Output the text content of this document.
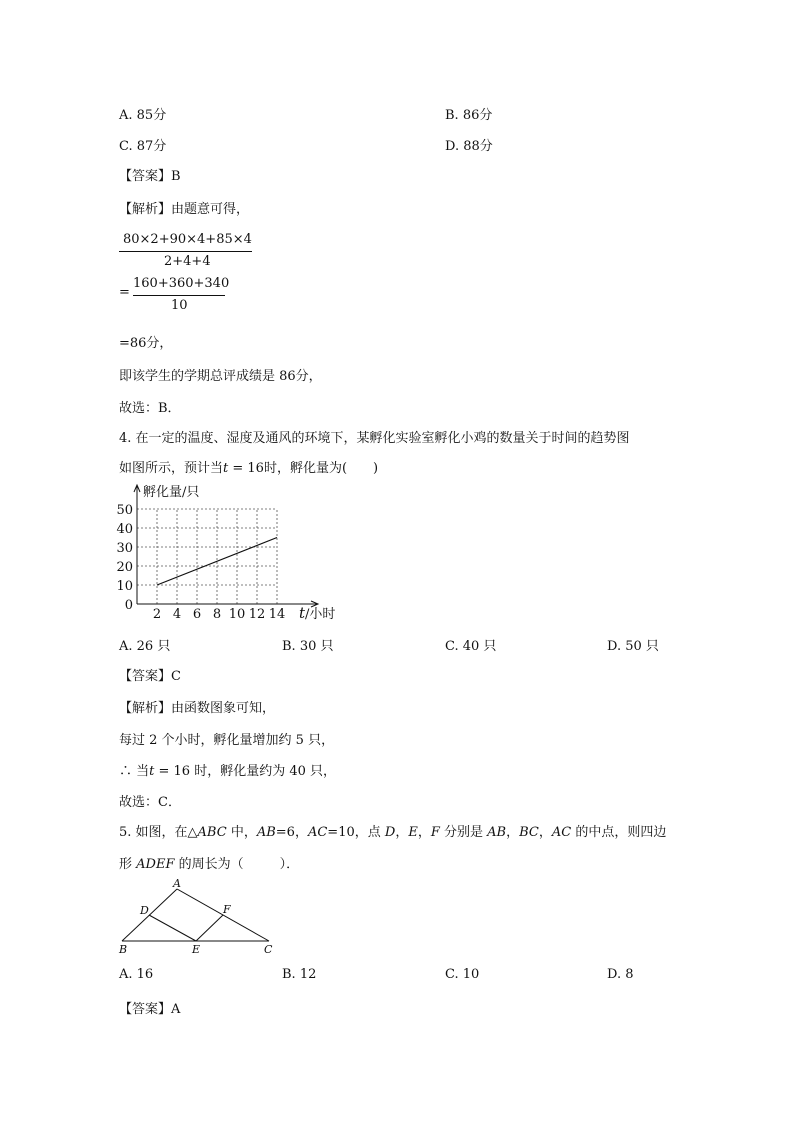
A. 85分	B. 86分
C. 87分	D. 88分
【答案】B
【解析】由题意可得，
80×2+90×4+85×4
2+4+4
=
160+360+340
10
=86分，
即该学生的学期总评成绩是 86分，
故选：B．
4. 在一定的温度、湿度及通风的环境下，某孵化实验室孵化小鸡的数量关于时间的趋势图
如图所示，预计当t = 16时，孵化量为( )
2 4 6 8 10 12 14
0
10
20
30
40
50
孵化量/只
t/小时
A. 26 只	B. 30 只	C. 40 只	D. 50 只
【答案】C
【解析】由函数图象可知，
每过 2 个小时，孵化量增加约 5 只，
∴ 当t = 16 时，孵化量约为 40 只，
故选：C．
5. 如图，在△ABC 中，AB=6，AC=10，点 D，E，F 分别是 AB，BC，AC 的中点，则四边
形 ADEF 的周长为（	）．
A
B	C
D
E
F
A. 16	B. 12	C. 10	D. 8
【答案】A
